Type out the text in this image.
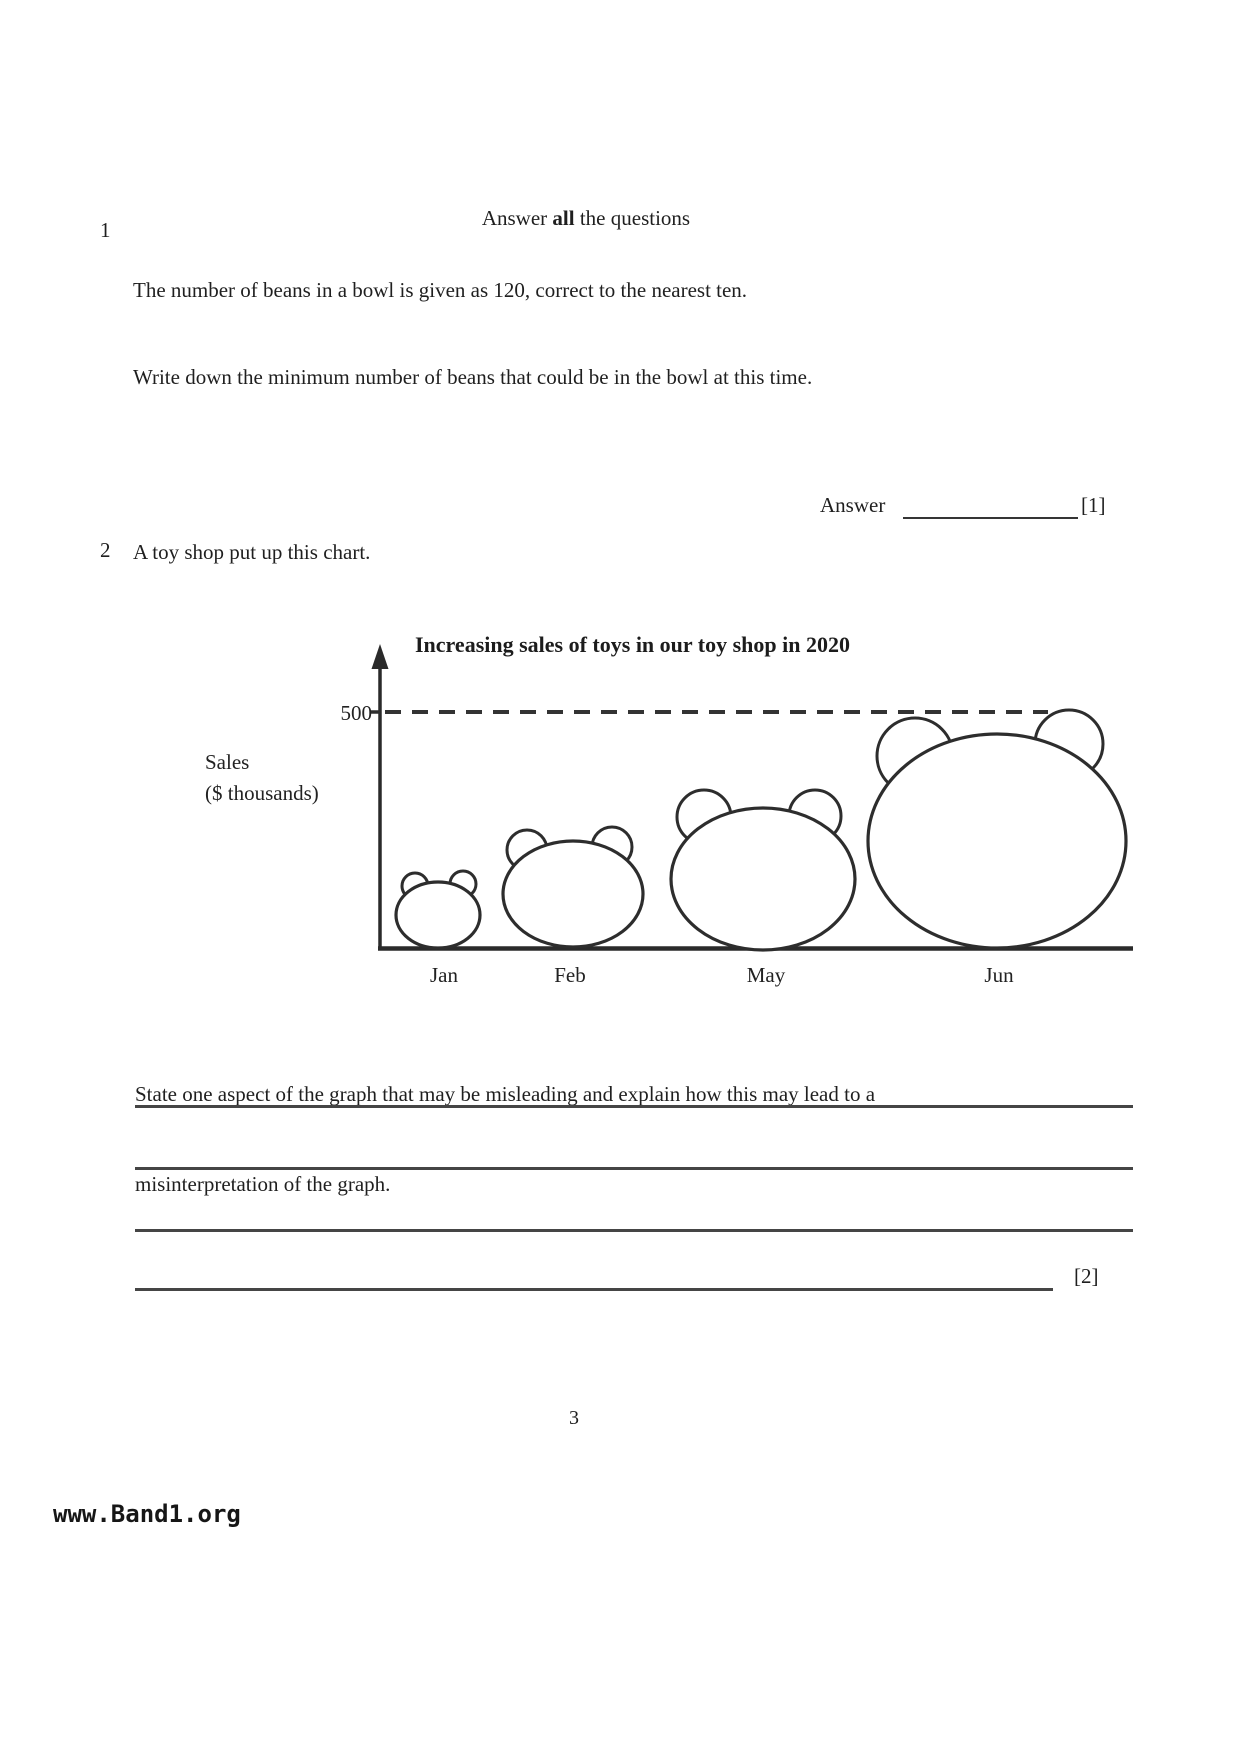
Answer all the questions

1

The number of beans in a bowl is given as 120, correct to the nearest ten.

Write down the minimum number of beans that could be in the bowl at this time.

Answer	[1]
2 A toy shop put up this chart.
Increasing sales of toys in our toy shop in 2020
500
Sales
($ thousands)
Jan	Feb	May	Jun

State one aspect of the graph that may be misleading and explain how this may lead to a

misinterpretation of the graph.

[2]
3
www.Band1.org
